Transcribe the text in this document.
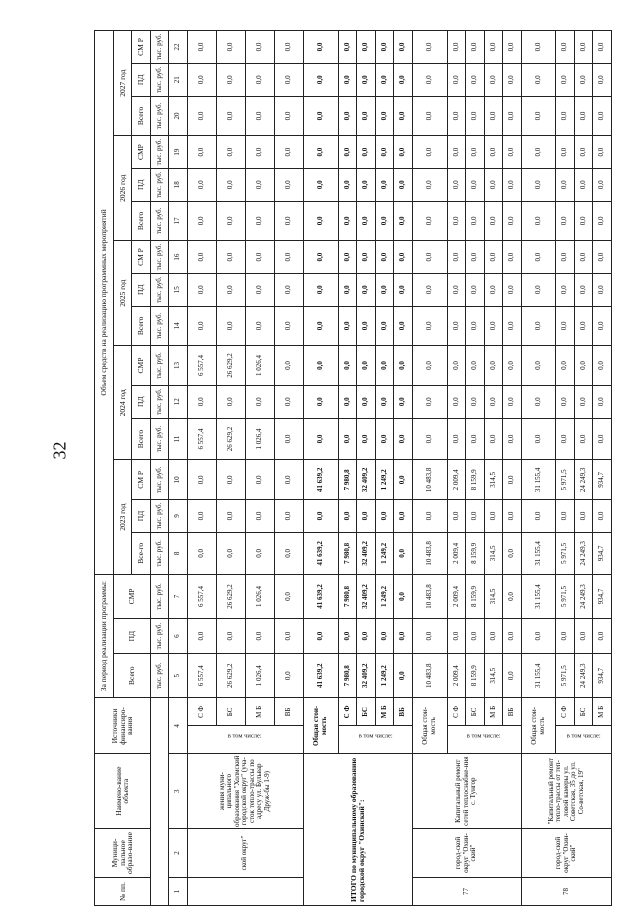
32
№ пп.	Муници-пальное образо-вание	Наимено-вание объекта	Источники финансиро-вания		За период реализации программы:			Объем средств на реализацию программных мероприятий														
					Всего	ПД	СМР	2023 год			2024 год			2025 год			2026 год			2027 год		
								Все-го	ПД	СМ Р	Всего	ПД	СМР	Всего	ПД	СМ Р	Всего	ПД	СМР	Всего	ПД	СМ Р
					тыс. руб.	тыс. руб.	тыс. руб.	тыс. руб.	тыс. руб.	тыс. руб.	тыс. руб.	тыс. руб.	тыс. руб.	тыс. руб.	тыс. руб.	тыс. руб.	тыс. руб.	тыс. руб.	тыс. руб.	тыс. руб.	тыс. руб.	тыс. руб.
1	2	3	4		5	6	7	8	9	10	11	12	13	14	15	16	17	18	19	20	21	22
	ской округ"	жения муни-ципального образования "Холмский городской округ" (уча-сток тепло-трассы по адресу ул. Бульвар Друж-бы 1-9)	в том числе:	С Ф	6 557,4	0,0	6 557,4	0,0	0,0	0,0	6 557,4	0,0	6 557,4	0,0	0,0	0,0	0,0	0,0	0,0	0,0	0,0	0,0
				БС	26 629,2	0,0	26 629,2	0,0	0,0	0,0	26 629,2	0,0	26 629,2	0,0	0,0	0,0	0,0	0,0	0,0	0,0	0,0	0,0
				М Б	1 026,4	0,0	1 026,4	0,0	0,0	0,0	1 026,4	0,0	1 026,4	0,0	0,0	0,0	0,0	0,0	0,0	0,0	0,0	0,0
				ВБ	0,0	0,0	0,0	0,0	0,0	0,0	0,0	0,0	0,0	0,0	0,0	0,0	0,0	0,0	0,0	0,0	0,0	0,0
ИТОГО по муниципальному образованию городской округ "Охинский":			Общая стои-мость		41 639,2	0,0	41 639,2	41 639,2	0,0	41 639,2	0,0	0,0	0,0	0,0	0,0	0,0	0,0	0,0	0,0	0,0	0,0	0,0
			в том числе:	С Ф	7 980,8	0,0	7 980,8	7 980,8	0,0	7 980,8	0,0	0,0	0,0	0,0	0,0	0,0	0,0	0,0	0,0	0,0	0,0	0,0
				БС	32 409,2	0,0	32 409,2	32 409,2	0,0	32 409,2	0,0	0,0	0,0	0,0	0,0	0,0	0,0	0,0	0,0	0,0	0,0	0,0
				М Б	1 249,2	0,0	1 249,2	1 249,2	0,0	1 249,2	0,0	0,0	0,0	0,0	0,0	0,0	0,0	0,0	0,0	0,0	0,0	0,0
				ВБ	0,0	0,0	0,0	0,0	0,0	0,0	0,0	0,0	0,0	0,0	0,0	0,0	0,0	0,0	0,0	0,0	0,0	0,0
77	город-ской округ "Охин-ский"	Капитальный ремонт сетей теплоснабже-ния с. Тунгор	Общая стои-мость		10 483,8	0,0	10 483,8	10 483,8	0,0	10 483,8	0,0	0,0	0,0	0,0	0,0	0,0	0,0	0,0	0,0	0,0	0,0	0,0
			в том числе:	С Ф	2 009,4	0,0	2 009,4	2 009,4	0,0	2 009,4	0,0	0,0	0,0	0,0	0,0	0,0	0,0	0,0	0,0	0,0	0,0	0,0
				БС	8 159,9	0,0	8 159,9	8 159,9	0,0	8 159,9	0,0	0,0	0,0	0,0	0,0	0,0	0,0	0,0	0,0	0,0	0,0	0,0
				М Б	314,5	0,0	314,5	314,5	0,0	314,5	0,0	0,0	0,0	0,0	0,0	0,0	0,0	0,0	0,0	0,0	0,0	0,0
				ВБ	0,0	0,0	0,0	0,0	0,0	0,0	0,0	0,0	0,0	0,0	0,0	0,0	0,0	0,0	0,0	0,0	0,0	0,0
78	город-ской округ "Охин-ский"	"Капитальный ремонт тепло-трассы от теп-ловой камеры ул. Советская, 35 до ул. Со-ветская, 19"	Общая стои-мость		31 155,4	0,0	31 155,4	31 155,4	0,0	31 155,4	0,0	0,0	0,0	0,0	0,0	0,0	0,0	0,0	0,0	0,0	0,0	0,0
			в том числе:	С Ф	5 971,5	0,0	5 971,5	5 971,5	0,0	5 971,5	0,0	0,0	0,0	0,0	0,0	0,0	0,0	0,0	0,0	0,0	0,0	0,0
				БС	24 249,3	0,0	24 249,3	24 249,3	0,0	24 249,3	0,0	0,0	0,0	0,0	0,0	0,0	0,0	0,0	0,0	0,0	0,0	0,0
				М Б	934,7	0,0	934,7	934,7	0,0	934,7	0,0	0,0	0,0	0,0	0,0	0,0	0,0	0,0	0,0	0,0	0,0	0,0
